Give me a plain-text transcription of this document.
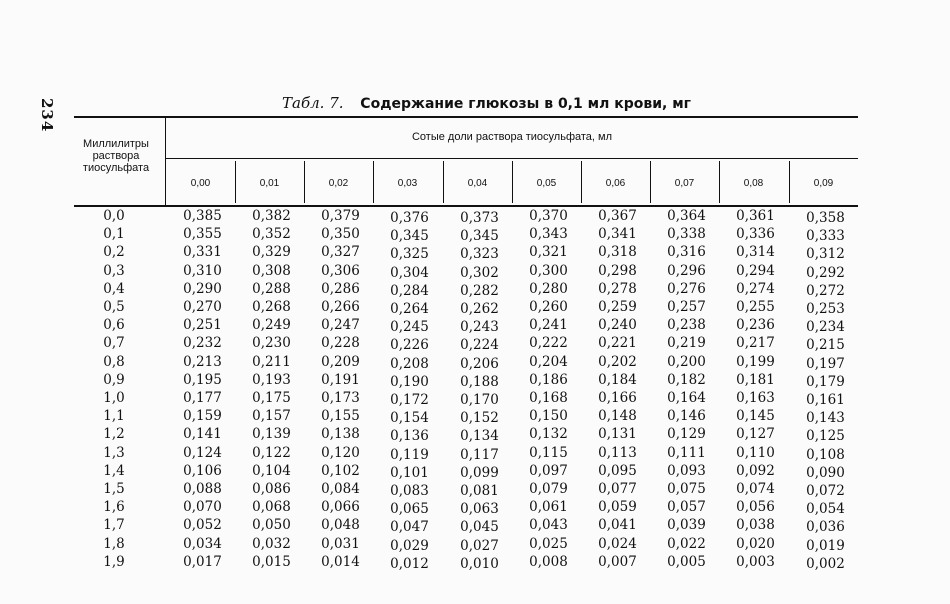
234	Табл. 7. Содержание глюкозы в 0,1 мл крови, мг
Миллилитры
раствора
тиосульфата
Сотые доли раствора тиосульфата, мл
0,00	0,01	0,02	0,03	0,04	0,05	0,06	0,07	0,08	0,09
0,0	0,385	0,382	0,379	0,376	0,373	0,370	0,367	0,364	0,361	0,358
0,1	0,355	0,352	0,350	0,345	0,345	0,343	0,341	0,338	0,336	0,333
0,2	0,331	0,329	0,327	0,325	0,323	0,321	0,318	0,316	0,314	0,312
0,3	0,310	0,308	0,306	0,304	0,302	0,300	0,298	0,296	0,294	0,292
0,4	0,290	0,288	0,286	0,284	0,282	0,280	0,278	0,276	0,274	0,272
0,5	0,270	0,268	0,266	0,264	0,262	0,260	0,259	0,257	0,255	0,253
0,6	0,251	0,249	0,247	0,245	0,243	0,241	0,240	0,238	0,236	0,234
0,7	0,232	0,230	0,228	0,226	0,224	0,222	0,221	0,219	0,217	0,215
0,8	0,213	0,211	0,209	0,208	0,206	0,204	0,202	0,200	0,199	0,197
0,9	0,195	0,193	0,191	0,190	0,188	0,186	0,184	0,182	0,181	0,179
1,0	0,177	0,175	0,173	0,172	0,170	0,168	0,166	0,164	0,163	0,161
1,1	0,159	0,157	0,155	0,154	0,152	0,150	0,148	0,146	0,145	0,143
1,2	0,141	0,139	0,138	0,136	0,134	0,132	0,131	0,129	0,127	0,125
1,3	0,124	0,122	0,120	0,119	0,117	0,115	0,113	0,111	0,110	0,108
1,4	0,106	0,104	0,102	0,101	0,099	0,097	0,095	0,093	0,092	0,090
1,5	0,088	0,086	0,084	0,083	0,081	0,079	0,077	0,075	0,074	0,072
1,6	0,070	0,068	0,066	0,065	0,063	0,061	0,059	0,057	0,056	0,054
1,7	0,052	0,050	0,048	0,047	0,045	0,043	0,041	0,039	0,038	0,036
1,8	0,034	0,032	0,031	0,029	0,027	0,025	0,024	0,022	0,020	0,019
1,9	0,017	0,015	0,014	0,012	0,010	0,008	0,007	0,005	0,003	0,002
